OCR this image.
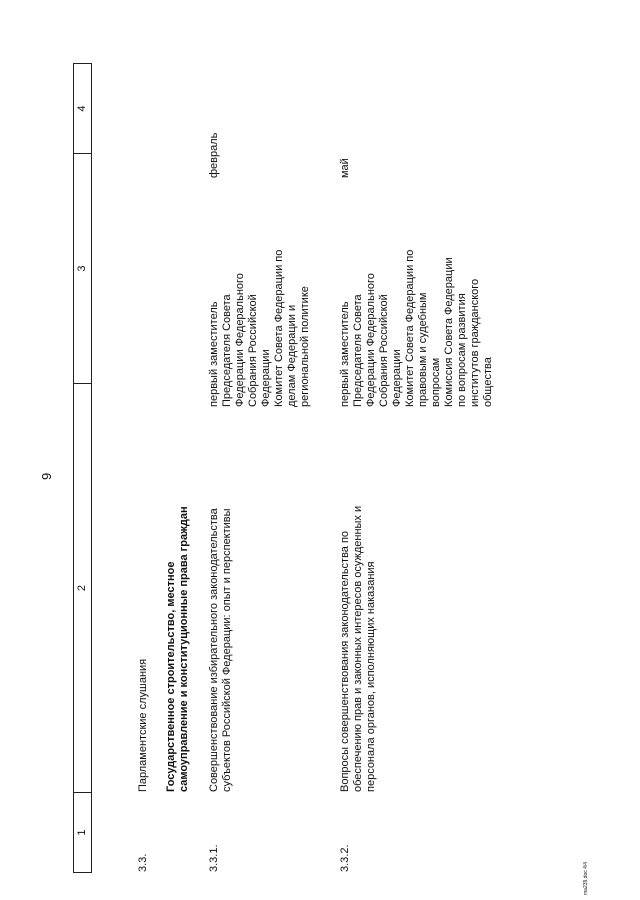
9
1
2
3
4
3.3.
Парламентские слушания Государственное строительство, местное самоуправление и конституционные права граждан
3.3.1.
Совершенствование избирательного законодательства субъектов Российской Федерации: опыт и перспективы
первый заместитель
Председателя Совета
Федерации Федерального
Собрания Российской
Федерации
Комитет Совета Федерации по
делам Федерации и
региональной политике
февраль
3.3.2.
Вопросы совершенствования законодательства по обеспечению прав и законных интересов осужденных и персонала органов, исполняющих наказания
первый заместитель
Председателя Совета
Федерации Федерального
Собрания Российской
Федерации
Комитет Совета Федерации по
правовым и судебным
вопросам
Комиссия Совета Федерации
по вопросам развития
институтов гражданского
общества
май
ma239.doc 4/4
